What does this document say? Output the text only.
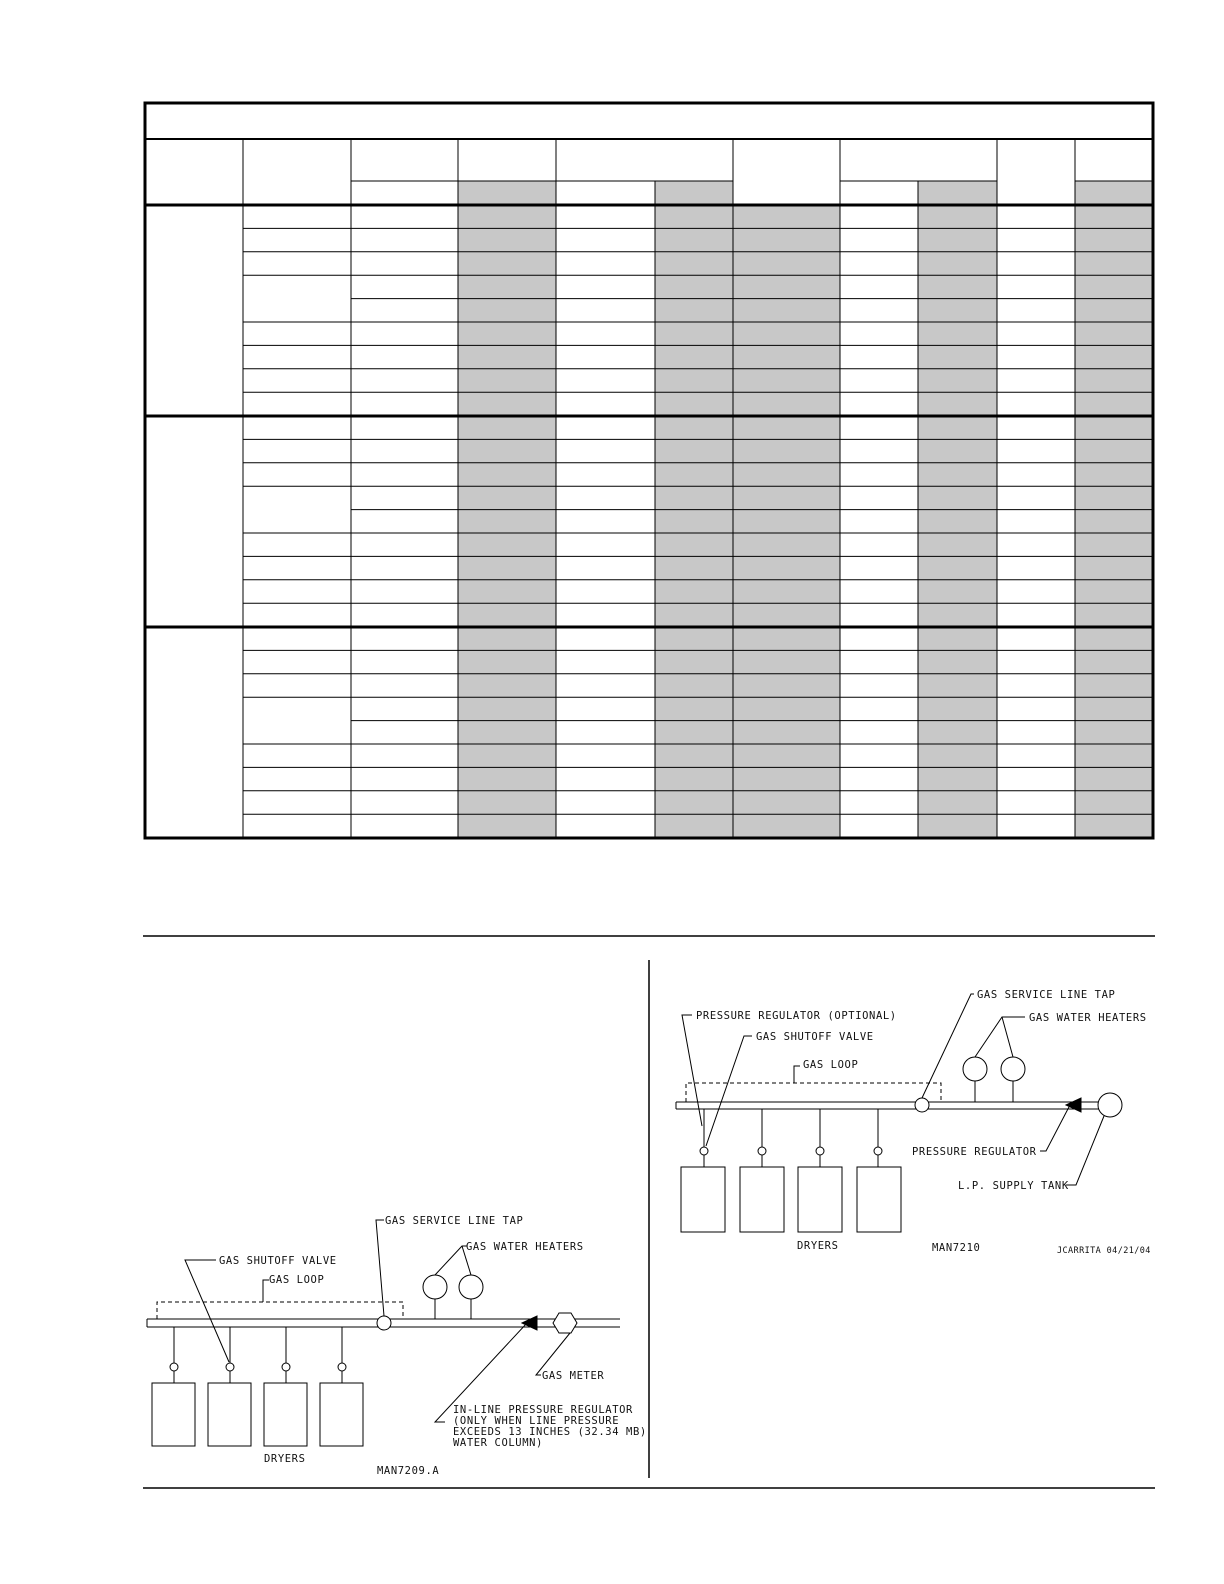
GAS SERVICE LINE TAP
GAS WATER HEATERS
GAS SHUTOFF VALVE
GAS LOOP
GAS METER
IN-LINE PRESSURE REGULATOR
(ONLY WHEN LINE PRESSURE
EXCEEDS 13 INCHES (32.34 MB)
WATER COLUMN)
DRYERS
MAN7209.A
GAS SERVICE LINE TAP
GAS WATER HEATERS
PRESSURE REGULATOR (OPTIONAL)
GAS SHUTOFF VALVE
GAS LOOP
PRESSURE REGULATOR
L.P. SUPPLY TANK
DRYERS	MAN7210	JCARRITA 04/21/04
